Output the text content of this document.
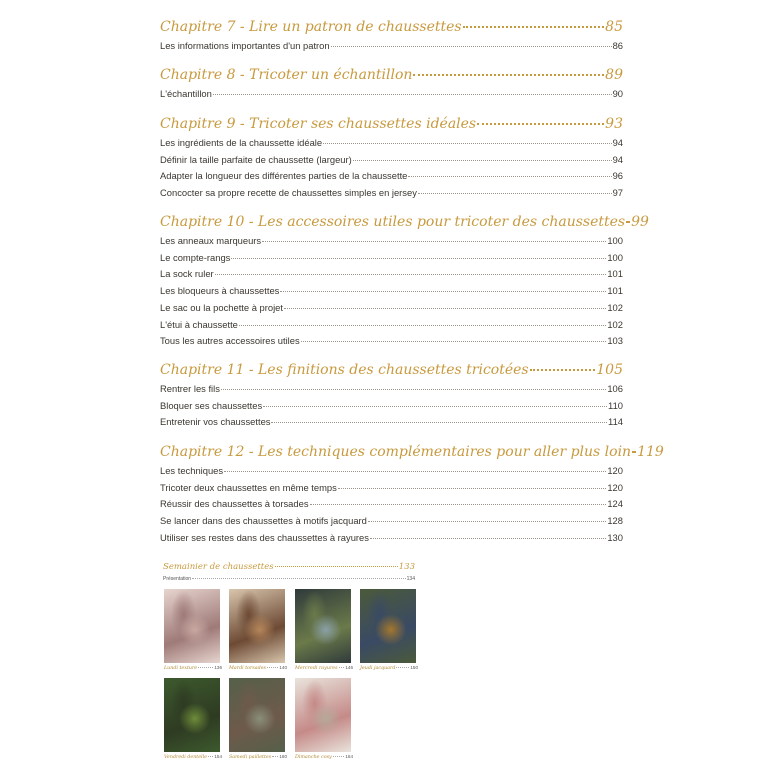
Chapitre 7 - Lire un patron de chaussettes	85
Les informations importantes d'un patron	86
Chapitre 8 - Tricoter un échantillon	89
L'échantillon	90
Chapitre 9 - Tricoter ses chaussettes idéales	93
Les ingrédients de la chaussette idéale	94
Définir la taille parfaite de chaussette (largeur)	94
Adapter la longueur des différentes parties de la chaussette	96
Concocter sa propre recette de chaussettes simples en jersey	97
Chapitre 10 - Les accessoires utiles pour tricoter des chaussettes 99
Les anneaux marqueurs	100
Le compte-rangs	100
La sock ruler	101
Les bloqueurs à chaussettes	101
Le sac ou la pochette à projet	102
L'étui à chaussette	102
Tous les autres accessoires utiles	103
Chapitre 11 - Les finitions des chaussettes tricotées	105
Rentrer les fils	106
Bloquer ses chaussettes	110
Entretenir vos chaussettes	114
Chapitre 12 - Les techniques complémentaires pour aller plus loin 119
Les techniques	120
Tricoter deux chaussettes en même temps	120
Réussir des chaussettes à torsades	124
Se lancer dans des chaussettes à motifs jacquard	128
Utiliser ses restes dans des chaussettes à rayures	130
Semainier de chaussettes	133
Présentation	134
Lundi texture	136 Mardi torsades	140 Mercredi rayures 146 Jeudi jacquard	150
Vendredi dentelle 154 Samedi paillettes 160 Dimanche cosy	164
